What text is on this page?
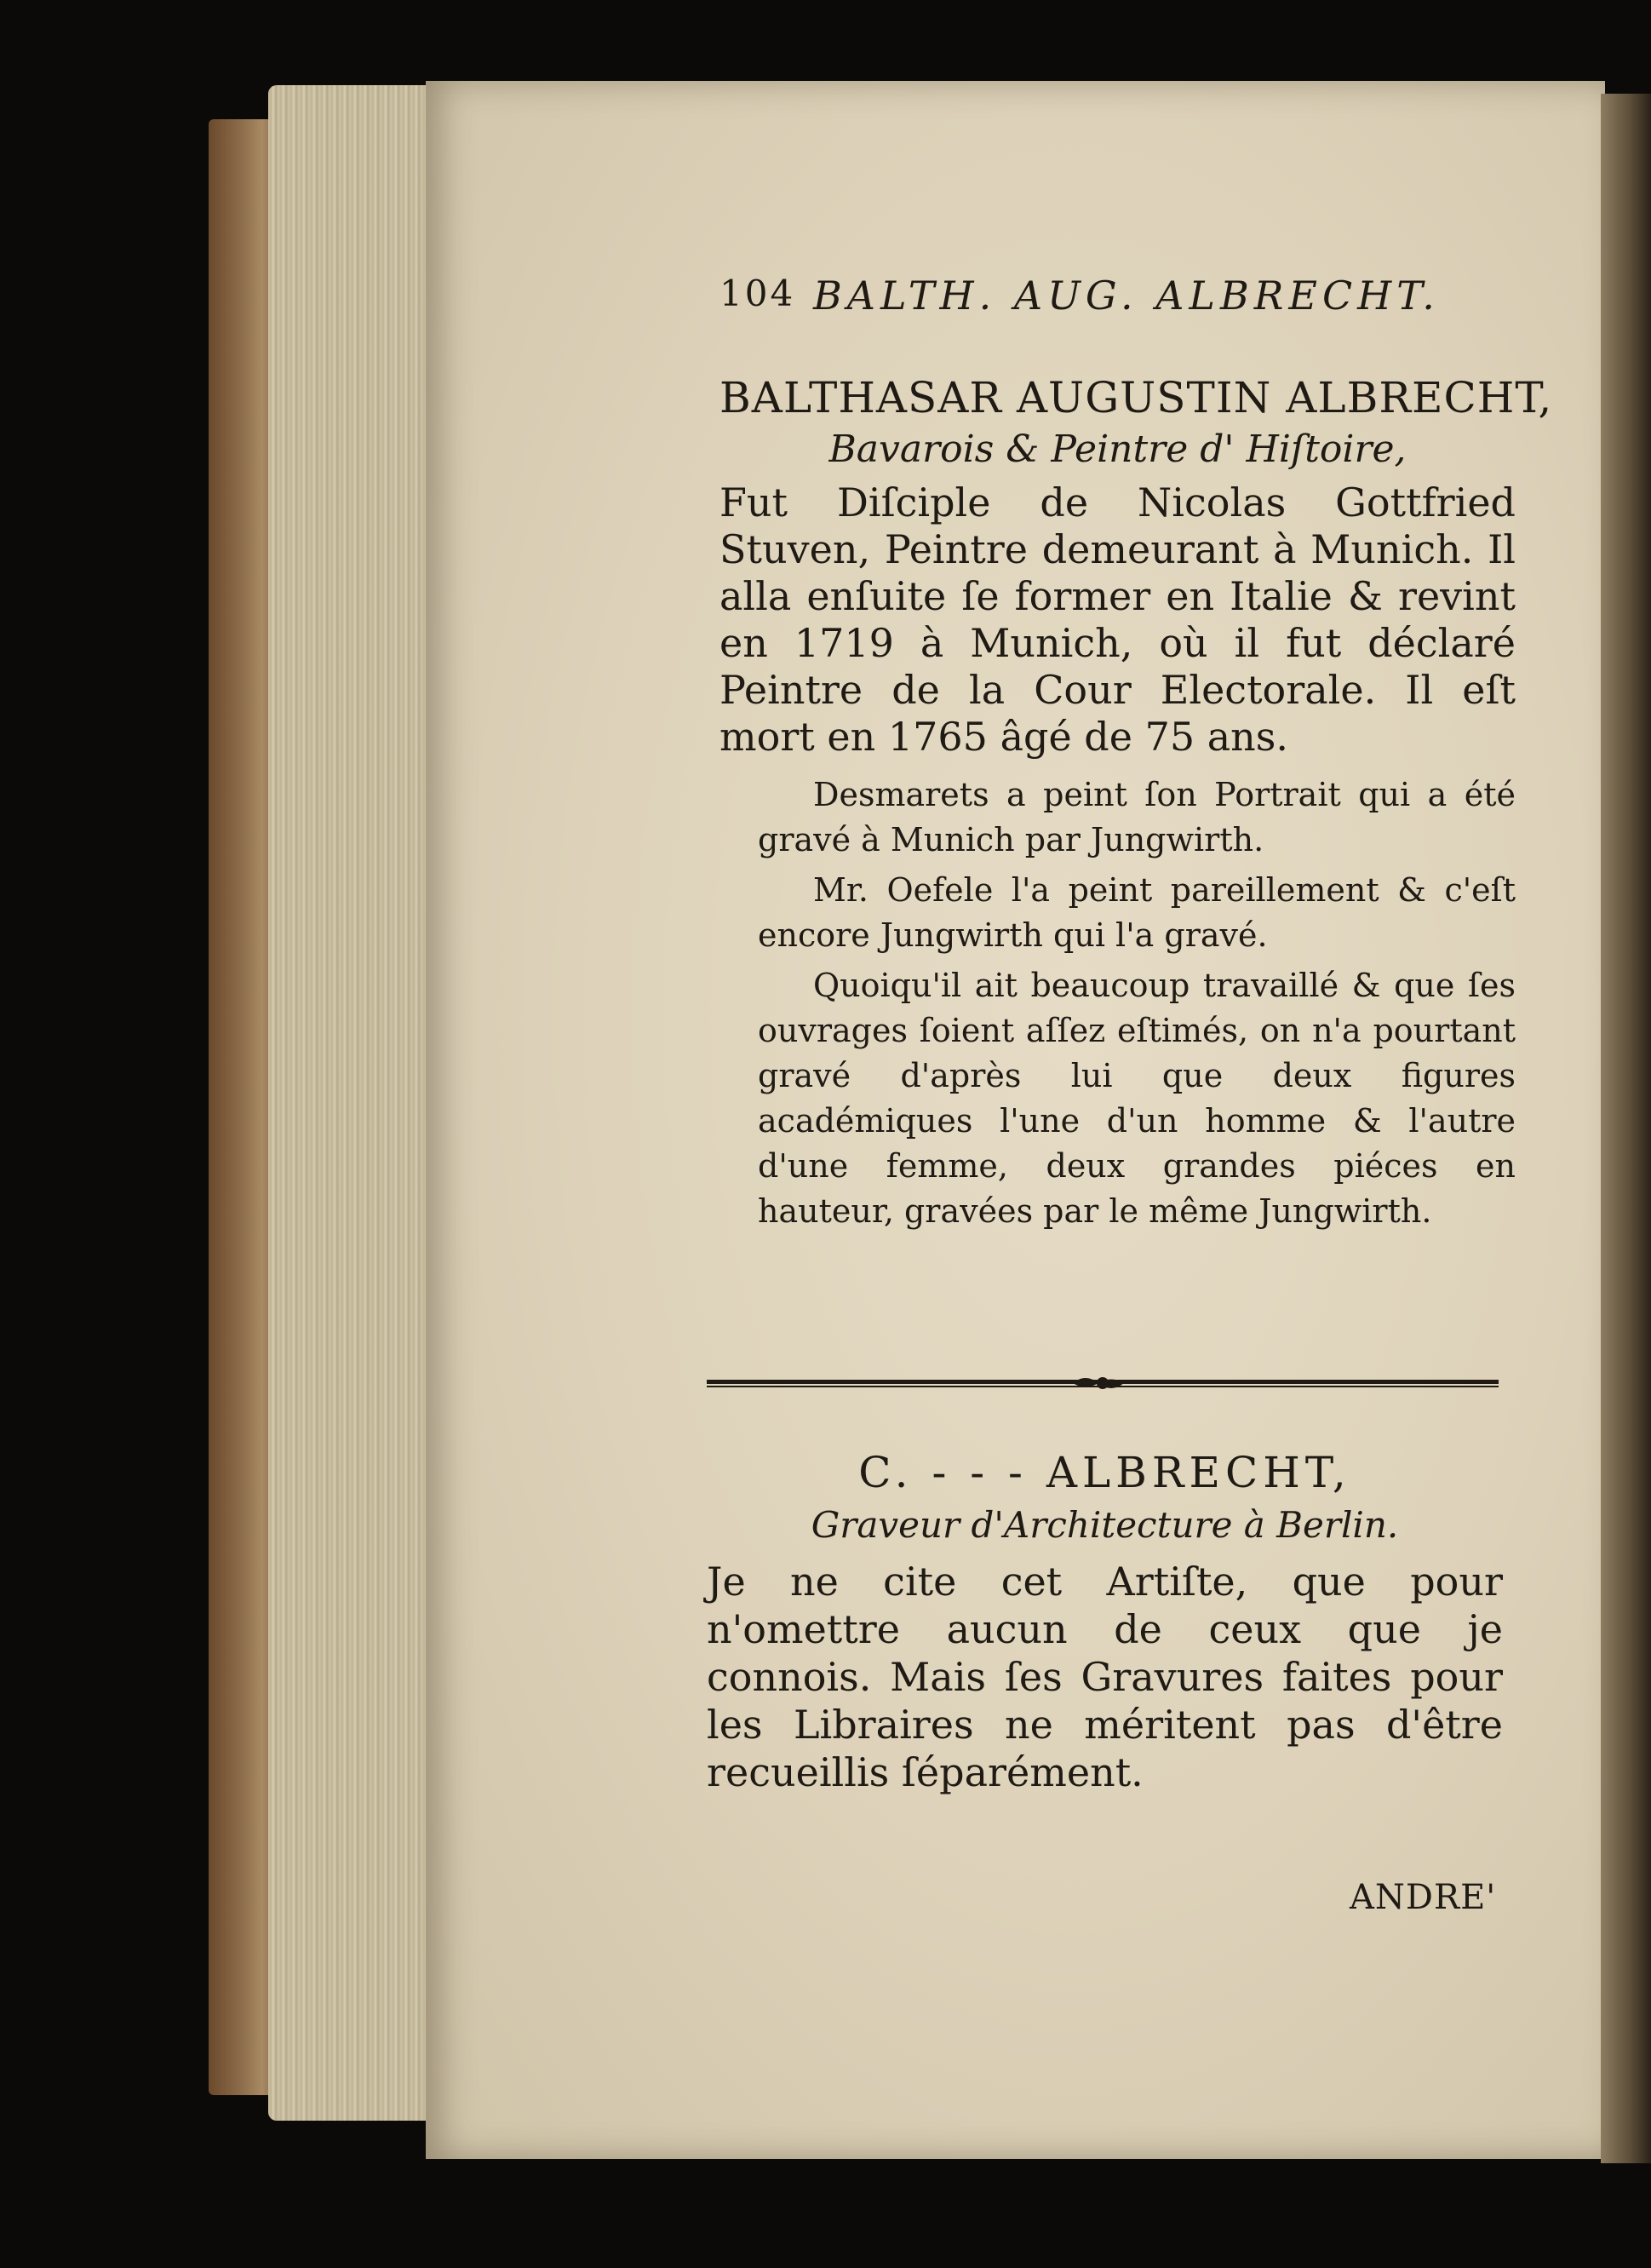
104 BALTH. AUG. ALBRECHT.
BALTHASAR AUGUSTIN ALBRECHT,
Bavarois & Peintre d' Hiſtoire,
Fut Diſciple de Nicolas Gottfried Stuven, Peintre demeurant à Munich. Il alla enſuite ſe former en Italie & revint en 1719 à Munich, où il fut déclaré Peintre de la Cour Electorale. Il eſt mort en 1765 âgé de 75 ans.
Desmarets a peint ſon Portrait qui a été gravé à Munich par Jungwirth.
Mr. Oefele l'a peint pareillement & c'eſt encore Jungwirth qui l'a gravé.
Quoiqu'il ait beaucoup travaillé & que ſes ouvrages ſoient aſſez eſtimés, on n'a pourtant gravé d'après lui que deux figures académiques l'une d'un homme & l'autre d'une femme, deux grandes piéces en hauteur, gravées par le même Jungwirth.
C. - - - ALBRECHT,
Graveur d'Architecture à Berlin.
Je ne cite cet Artiſte, que pour n'omettre aucun de ceux que je connois. Mais ſes Gravures faites pour les Libraires ne méritent pas d'être recueillis ſéparément.
ANDRE'
